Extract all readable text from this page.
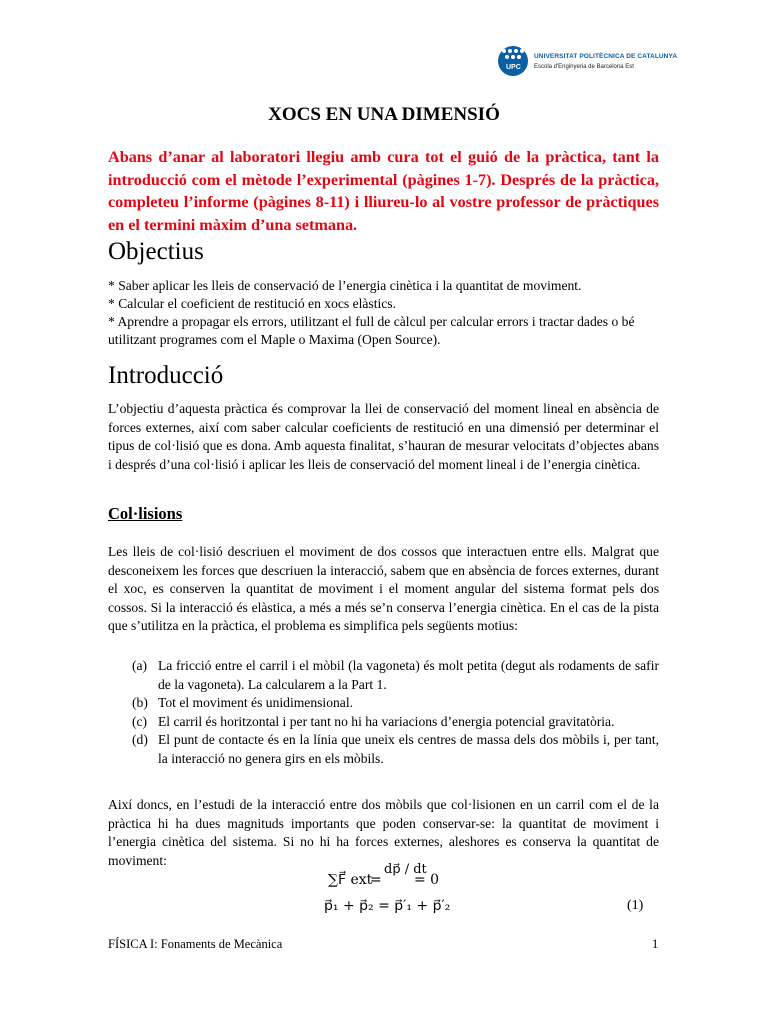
UPC
UNIVERSITAT POLITÈCNICA DE CATALUNYA
Escola d'Enginyeria de Barcelona Est
XOCS EN UNA DIMENSIÓ
Abans d’anar al laboratori llegiu amb cura tot el guió de la pràctica, tant la introducció com el mètode l’experimental (pàgines 1-7). Després de la pràctica, completeu l’informe (pàgines 8-11) i lliureu-lo al vostre professor de pràctiques en el termini màxim d’una setmana.
Objectius

* Saber aplicar les lleis de conservació de l’energia cinètica i la quantitat de moviment.

* Calcular el coeficient de restitució en xocs elàstics.

* Aprendre a propagar els errors, utilitzant el full de càlcul per calcular errors i tractar dades o bé utilitzant programes com el Maple o Maxima (Open Source).

Introducció

L’objectiu d’aquesta pràctica és comprovar la llei de conservació del moment lineal en absència de forces externes, així com saber calcular coeficients de restitució en una dimensió per determinar el tipus de col·lisió que es dona. Amb aquesta finalitat, s’hauran de mesurar velocitats d’objectes abans i després d’una col·lisió i aplicar les lleis de conservació del moment lineal i de l’energia cinètica.

Col·lisions

Les lleis de col·lisió descriuen el moviment de dos cossos que interactuen entre ells. Malgrat que desconeixem les forces que descriuen la interacció, sabem que en absència de forces externes, durant el xoc, es conserven la quantitat de moviment i el moment angular del sistema format pels dos cossos. Si la interacció és elàstica, a més a més se’n conserva l’energia cinètica. En el cas de la pista que s’utilitza en la pràctica, el problema es simplifica pels següents motius:

(a) La fricció entre el carril i el mòbil (la vagoneta) és molt petita (degut als rodaments de safir de la vagoneta). La calcularem a la Part 1.
(b) Tot el moviment és unidimensional.
(c) El carril és horitzontal i per tant no hi ha variacions d’energia potencial gravitatòria.
(d) El punt de contacte és en la línia que uneix els centres de massa dels dos mòbils i, per tant, la interacció no genera girs en els mòbils.

Així doncs, en l’estudi de la interacció entre dos mòbils que col·lisionen en un carril com el de la pràctica hi ha dues magnituds importants que poden conservar-se: la quantitat de moviment i l’energia cinètica del sistema. Si no hi ha forces externes, aleshores es conserva la quantitat de moviment:

∑F⃗ ext
=
dp⃗ / dt
= 0
p⃗₁ + p⃗₂ = p⃗′₁ + p⃗′₂	(1)
FÍSICA I: Fonaments de Mecànica	1
